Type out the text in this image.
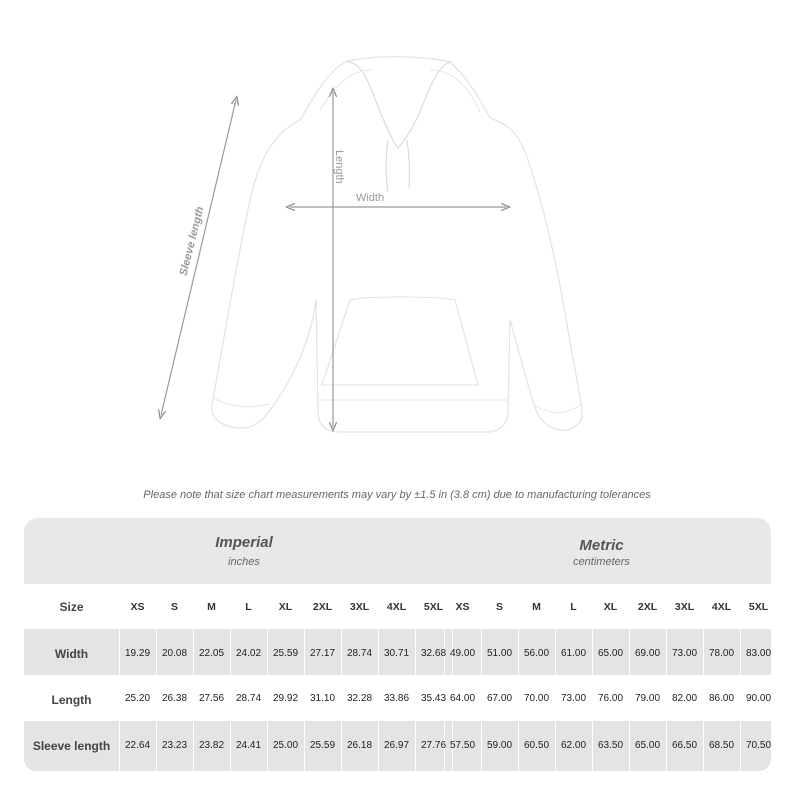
Length
Width
Sleeve length
Please note that size chart measurements may vary by ±1.5 in (3.8 cm) due to manufacturing tolerances
Imperial
inches
Metric
centimeters
Size	XS	S	M	L	XL	2XL	3XL	4XL	5XL	XS	S	M	L	XL	2XL	3XL	4XL	5XL
Width	19.29	20.08	22.05	24.02	25.59	27.17	28.74	30.71	32.68 49.00	51.00	56.00	61.00	65.00	69.00	73.00	78.00	83.00
Length	25.20	26.38	27.56	28.74	29.92	31.10	32.28	33.86	35.43 64.00	67.00	70.00	73.00	76.00	79.00	82.00	86.00	90.00
Sleeve length	22.64	23.23	23.82	24.41	25.00	25.59	26.18	26.97	27.76 57.50	59.00	60.50	62.00	63.50	65.00	66.50	68.50	70.50
